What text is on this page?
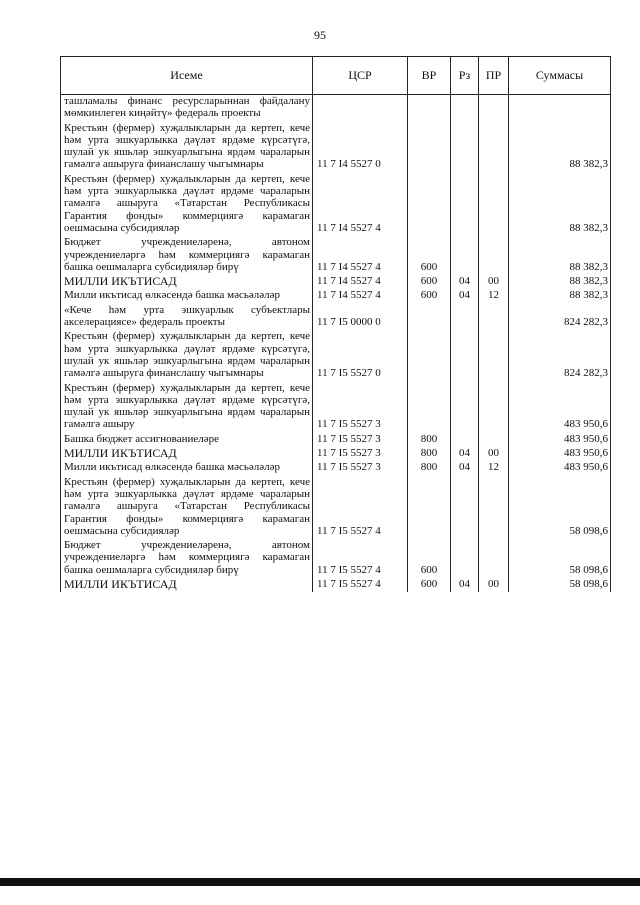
95
Исеме	ЦСР	ВР	Рз	ПР	Суммасы
ташламалы финанс ресурсларыннан файдалану мөмкинлеген киңәйтү» федераль проекты					
Крестьян (фермер) хуҗалыкларын да кертеп, кече һәм урта эшкуарлыкка дәүләт ярдәме күрсәтүгә, шулай ук яшьләр эшкуарлыгына ярдәм чараларын гамәлгә ашыруга финанслашу чыгымнары	11 7 I4 5527 0				88 382,3
Крестьян (фермер) хуҗалыкларын да кертеп, кече һәм урта эшкуарлыкка дәүләт ярдәме чараларын гамәлгә ашыруга «Татарстан Республикасы Гарантия фонды» коммерциягә карамаган оешмасына субсидияләр	11 7 I4 5527 4				88 382,3
Бюджет учреждениеләренә, автоном учреждениеләргә һәм коммерциягә карамаган башка оешмаларга субсидияләр бирү	11 7 I4 5527 4	600			88 382,3
МИЛЛИ ИКЪТИСАД	11 7 I4 5527 4	600	04	00	88 382,3
Милли икътисад өлкәсендә башка мәсьәләләр	11 7 I4 5527 4	600	04	12	88 382,3
«Кече һәм урта эшкуарлык субъектлары акселерациясе» федераль проекты	11 7 I5 0000 0				824 282,3
Крестьян (фермер) хуҗалыкларын да кертеп, кече һәм урта эшкуарлыкка дәүләт ярдәме күрсәтүгә, шулай ук яшьләр эшкуарлыгына ярдәм чараларын гамәлгә ашыруга финанслашу чыгымнары	11 7 I5 5527 0				824 282,3
Крестьян (фермер) хуҗалыкларын да кертеп, кече һәм урта эшкуарлыкка дәүләт ярдәме күрсәтүгә, шулай ук яшьләр эшкуарлыгына ярдәм чараларын гамәлгә ашыру	11 7 I5 5527 3				483 950,6
Башка бюджет ассигнованиеләре	11 7 I5 5527 3	800			483 950,6
МИЛЛИ ИКЪТИСАД	11 7 I5 5527 3	800	04	00	483 950,6
Милли икътисад өлкәсендә башка мәсьәләләр	11 7 I5 5527 3	800	04	12	483 950,6
Крестьян (фермер) хуҗалыкларын да кертеп, кече һәм урта эшкуарлыкка дәүләт ярдәме чараларын гамәлгә ашыруга «Татарстан Республикасы Гарантия фонды» коммерциягә карамаган оешмасына субсидияләр	11 7 I5 5527 4				58 098,6
Бюджет учреждениеләренә, автоном учреждениеләргә һәм коммерциягә карамаган башка оешмаларга субсидияләр бирү	11 7 I5 5527 4	600			58 098,6
МИЛЛИ ИКЪТИСАД	11 7 I5 5527 4	600	04	00	58 098,6
